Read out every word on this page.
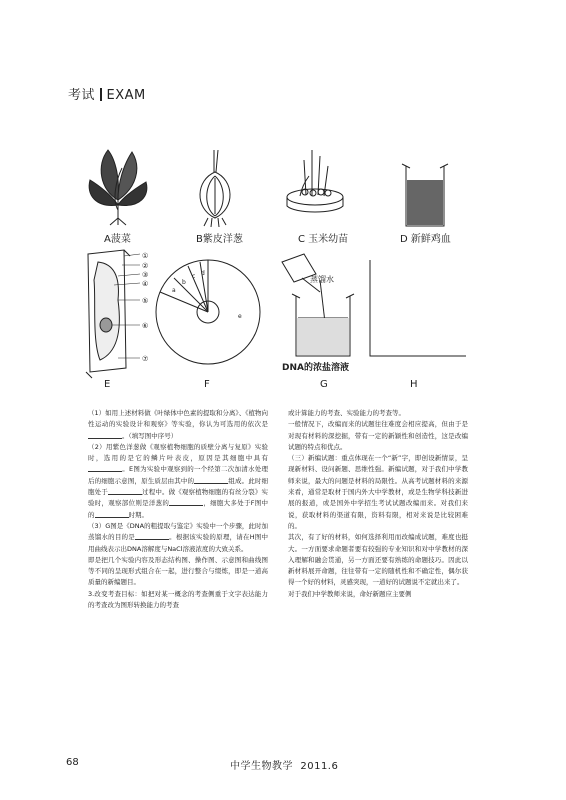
考试 EXAM
①
②
③
④
⑤
⑥
⑦
a
b
c d
e
蒸馏水
DNA的浓盐溶液
A菠菜	B紫皮洋葱	C 玉米幼苗	D 新鲜鸡血
E	F	G	H

（1）如用上述材料做《叶绿体中色素的提取和分离》、《植物向性运动的实验设计和观察》等实验，你认为可选用的依次是。（填写图中序号）

（2）用紫色洋葱做《观察植物细胞的质壁分离与复原》实验时，选用的是它的鳞片叶表皮，原因是其细胞中具有。E图为实验中观察到的一个经第二次加清水处理后的细胞示意图，原生质层由其中的	组成。此时细胞处于	过程中。做《观察植物细胞的有丝分裂》实验时，观察部位则是洋葱的	，细胞大多处于F图中的	时期。

（3）G图是《DNA的粗提取与鉴定》实验中一个步骤，此时加蒸馏水的目的是	。根据该实验的原理，请在H图中用曲线表示出DNA溶解度与NaCl溶液浓度的大致关系。

即是把几个实验内容及形态结构图、操作图、示意图和曲线图等不同的呈现形式组合在一起，进行整合与缀炼，即是一道高质量的新编题目。

3.改变考查目标：如把对某一概念的考查侧重于文字表达能力的考查改为图形转换能力的考查

或计算能力的考查、实验能力的考查等。

一般情况下，改编而来的试题往往难度会相应提高，但由于是对现有材料的深挖掘，带有一定的新颖性和创造性，这是改编试题的特点和优点。

（三）新编试题：重点体现在一个“新”字，即创设新情景，呈现新材料、设问新题、思维性强。新编试题，对于我们中学教师来说，最大的问题是材料的局限性。从高考试题材料的来源来看，通常是取材于国内外大中学教材，或是生物学科技新进展的报道，或是国外中学招生考试试题改编而来。对我们来说，获取材料的渠道有限，资料有限，相对来说是比较困难的。

其次，有了好的材料，如何选择利用而改编成试题，难度也挺大。一方面要求命题者要有较强的专业知识和对中学教材的深入理解和融会贯通，另一方面还要有熟练的命题技巧。因此以新材料展开命题，往往带有一定的随机性和不确定性，偶尔获得一个好的材料，灵感突现，一道好的试题说不定就出来了。

对于我们中学教师来说，命好新题应主要侧

68	中学生物教学 2011.6
